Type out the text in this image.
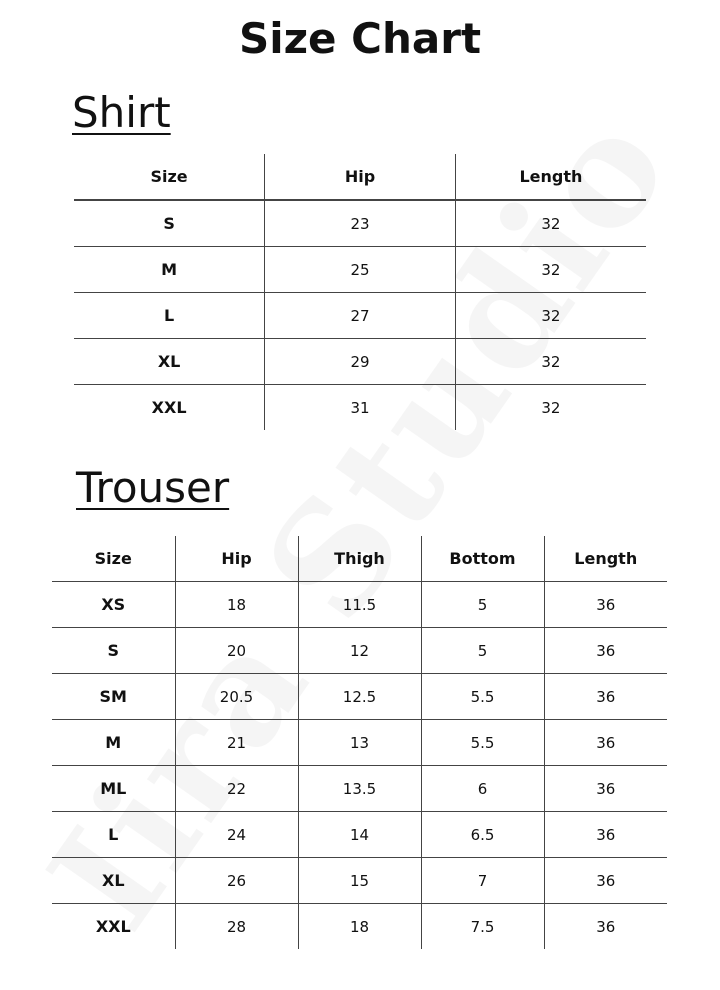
Size Chart
Shirt
Size	Hip	Length
S	23	32
M	25	32
L	27	32
XL	29	32
XXL	31	32
Trouser
Size	Hip	Thigh	Bottom	Length
XS	18	11.5	5	36
S	20	12	5	36
SM	20.5	12.5	5.5	36
M	21	13	5.5	36
ML	22	13.5	6	36
L	24	14	6.5	36
XL	26	15	7	36
XXL	28	18	7.5	36
